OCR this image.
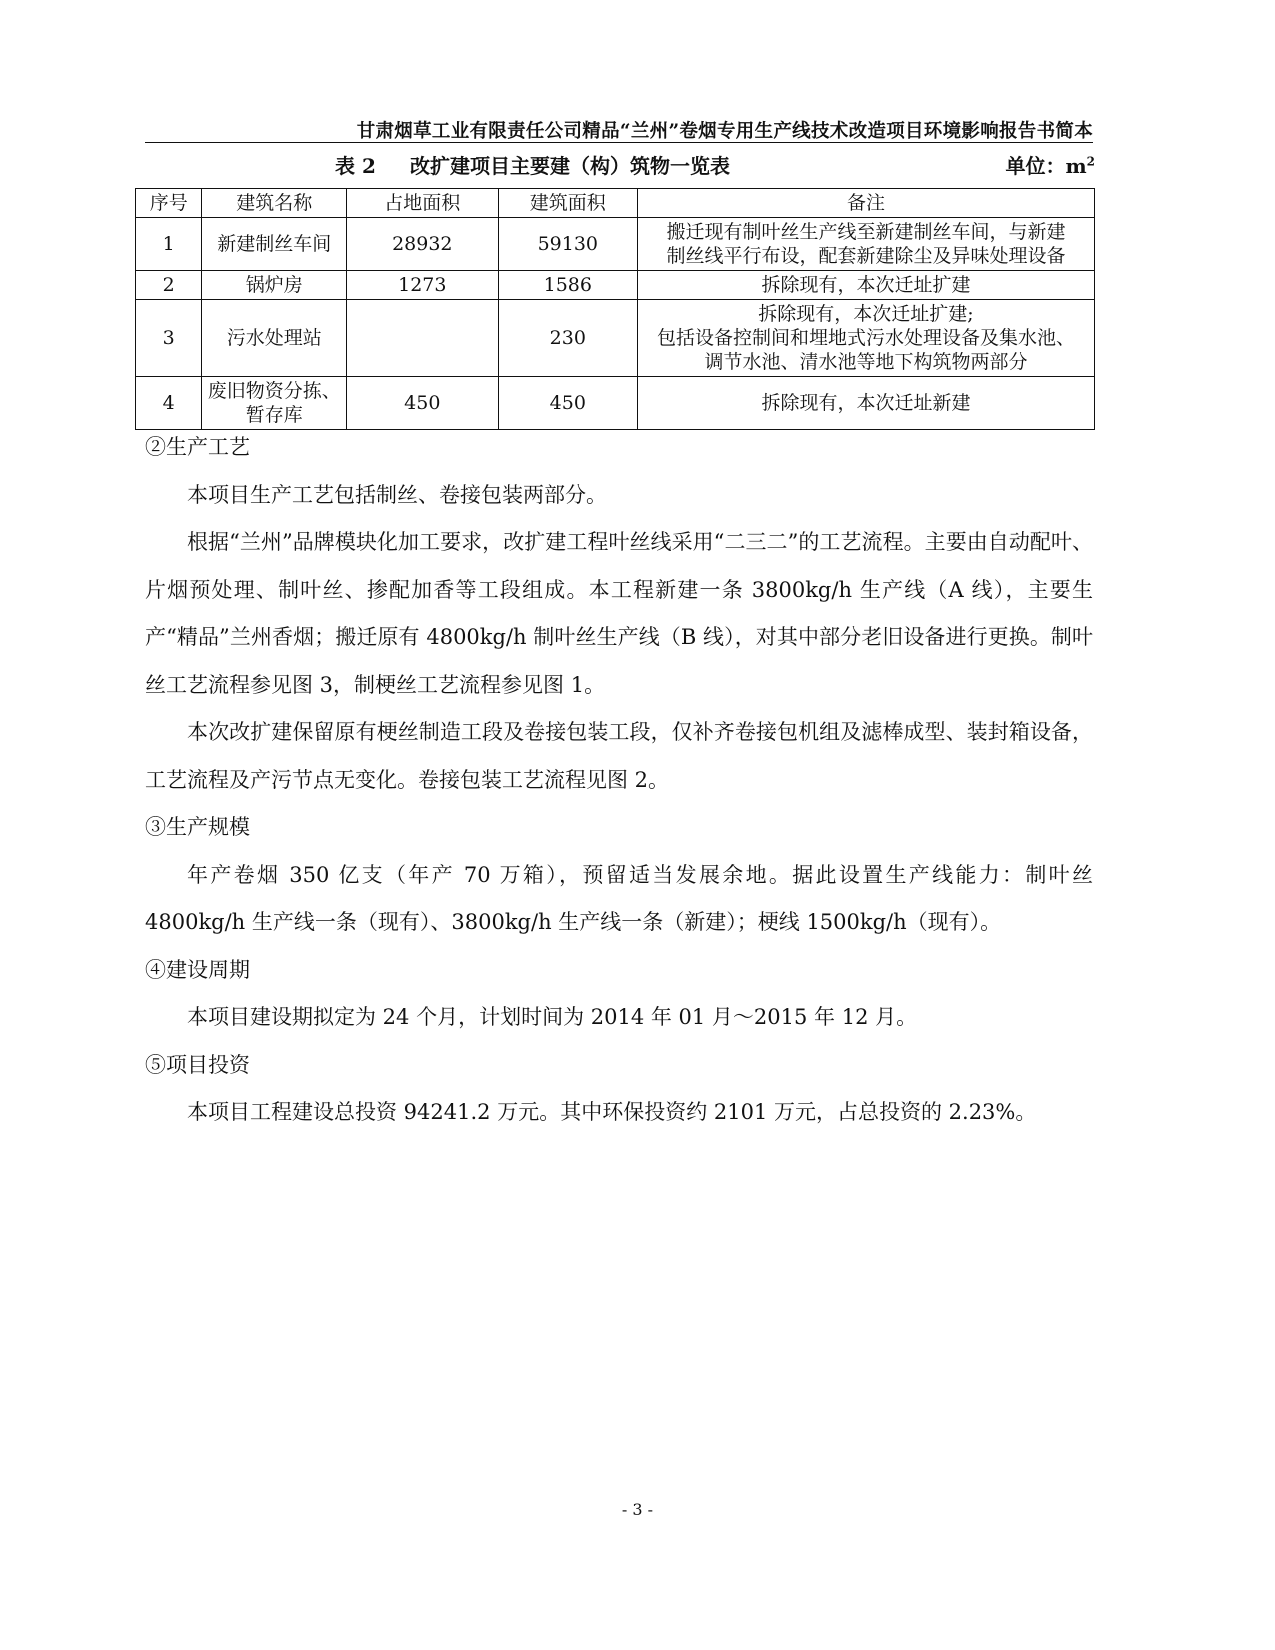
甘肃烟草工业有限责任公司精品“兰州”卷烟专用生产线技术改造项目环境影响报告书简本
表 2 改扩建项目主要建（构）筑物一览表	单位：$m^2$
序号	建筑名称	占地面积	建筑面积	备注
1	新建制丝车间	28932	59130	搬迁现有制叶丝生产线至新建制丝车间，与新建
制丝线平行布设，配套新建除尘及异味处理设备

2	锅炉房	1273	1586	拆除现有，本次迁址扩建

3	污水处理站		230	拆除现有，本次迁址扩建;
包括设备控制间和埋地式污水处理设备及集水池、
调节水池、清水池等地下构筑物两部分

4	废旧物资分拣、
暂存库	450	450	拆除现有，本次迁址新建

②生产工艺

本项目生产工艺包括制丝、卷接包装两部分。

根据“兰州”品牌模块化加工要求，改扩建工程叶丝线采用“二三二”的工艺流程。主要由自动配叶、片烟预处理、制叶丝、掺配加香等工段组成。本工程新建一条 3800kg/h 生产线（A 线），主要生产“精品”兰州香烟；搬迁原有 4800kg/h 制叶丝生产线（B 线），对其中部分老旧设备进行更换。制叶丝工艺流程参见图 3，制梗丝工艺流程参见图 1。

本次改扩建保留原有梗丝制造工段及卷接包装工段，仅补齐卷接包机组及滤棒成型、装封箱设备，工艺流程及产污节点无变化。卷接包装工艺流程见图 2。

③生产规模

年产卷烟 350 亿支（年产 70 万箱），预留适当发展余地。据此设置生产线能力：制叶丝 4800kg/h 生产线一条（现有）、3800kg/h 生产线一条（新建）；梗线 1500kg/h（现有）。

④建设周期

本项目建设期拟定为 24 个月，计划时间为 2014 年 01 月～2015 年 12 月。

⑤项目投资

本项目工程建设总投资 94241.2 万元。其中环保投资约 2101 万元，占总投资的 2.23%。

- 3 -
